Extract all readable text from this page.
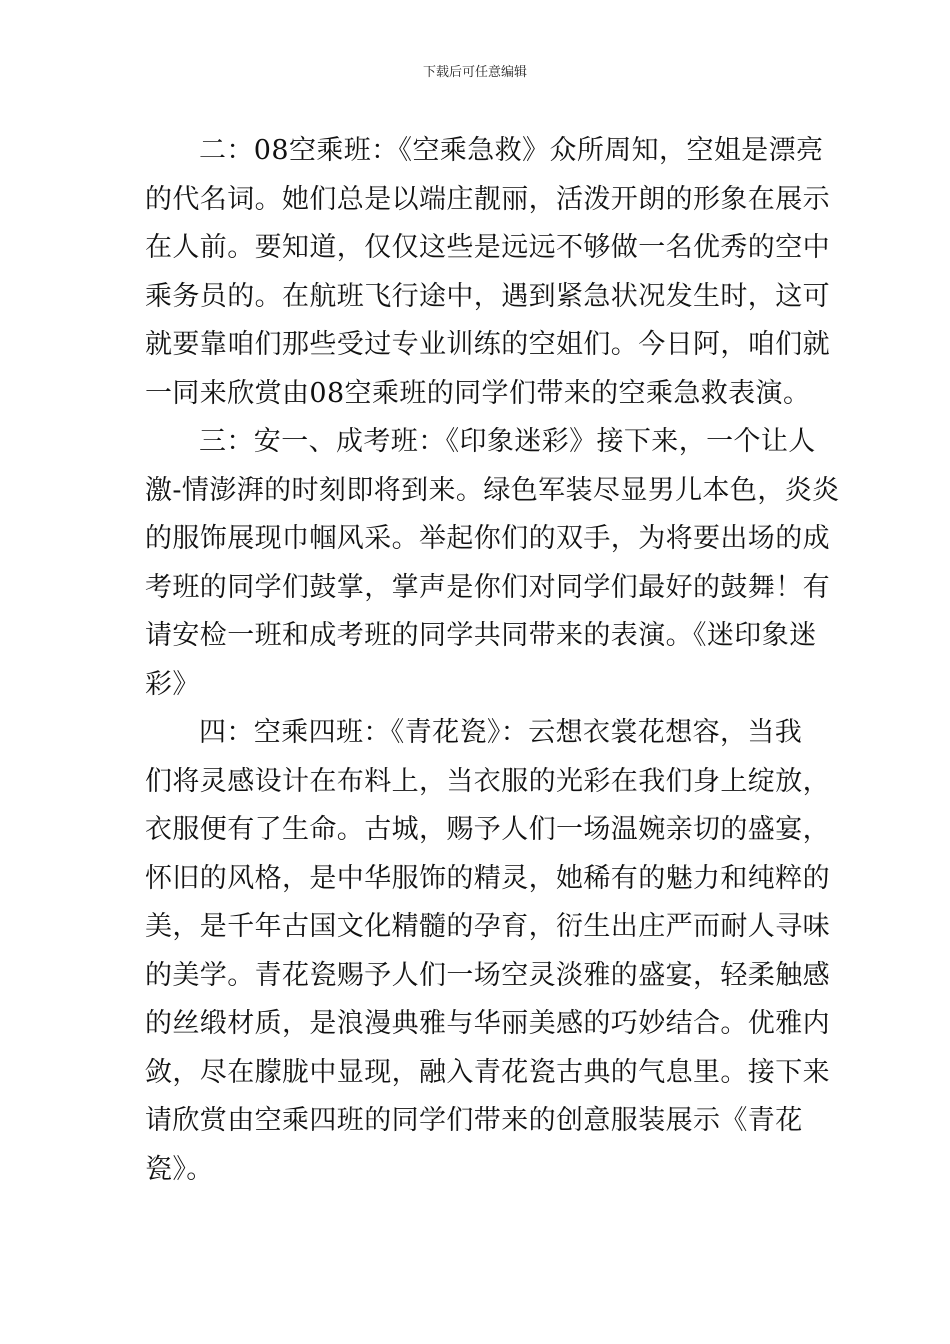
下载后可任意编辑
二：08空乘班：《空乘急救》众所周知，空姐是漂亮
的代名词。她们总是以端庄靓丽，活泼开朗的形象在展示
在人前。要知道，仅仅这些是远远不够做一名优秀的空中
乘务员的。在航班飞行途中，遇到紧急状况发生时，这可
就要靠咱们那些受过专业训练的空姐们。今日阿，咱们就
一同来欣赏由08空乘班的同学们带来的空乘急救表演。
三：安一、成考班：《印象迷彩》接下来，一个让人
激-情澎湃的时刻即将到来。绿色军装尽显男儿本色，炎炎
的服饰展现巾帼风采。举起你们的双手，为将要出场的成
考班的同学们鼓掌，掌声是你们对同学们最好的鼓舞！有
请安检一班和成考班的同学共同带来的表演。《迷印象迷
彩》
四：空乘四班：《青花瓷》：云想衣裳花想容，当我
们将灵感设计在布料上，当衣服的光彩在我们身上绽放，
衣服便有了生命。古城，赐予人们一场温婉亲切的盛宴，
怀旧的风格，是中华服饰的精灵，她稀有的魅力和纯粹的
美，是千年古国文化精髓的孕育，衍生出庄严而耐人寻味
的美学。青花瓷赐予人们一场空灵淡雅的盛宴，轻柔触感
的丝缎材质，是浪漫典雅与华丽美感的巧妙结合。优雅内
敛，尽在朦胧中显现，融入青花瓷古典的气息里。接下来
请欣赏由空乘四班的同学们带来的创意服装展示《青花
瓷》。
